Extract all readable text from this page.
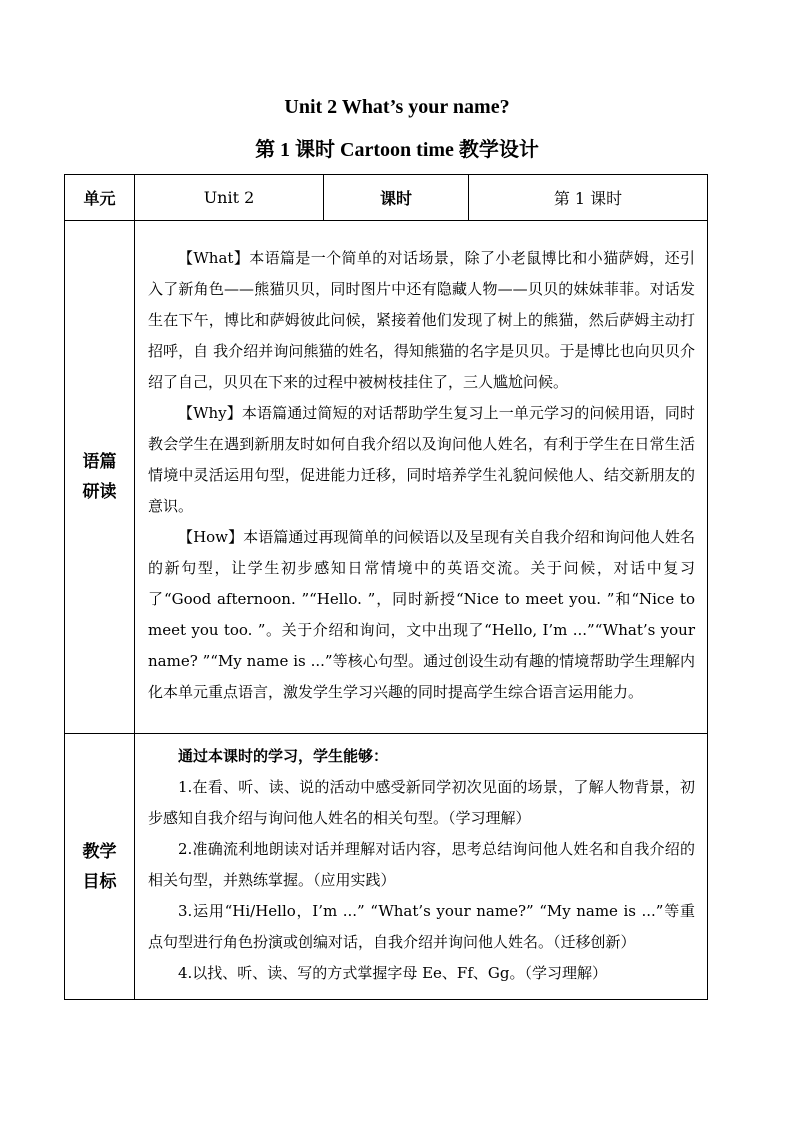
Unit 2 What’s your name?
第 1 课时 Cartoon time 教学设计
单元	Unit 2	课时	第 1 课时

语篇研读	【What】本语篇是一个简单的对话场景，除了小老鼠博比和小猫萨姆，还引入了新角色——熊猫贝贝，同时图片中还有隐藏人物——贝贝的妹妹菲菲。对话发生在下午，博比和萨姆彼此问候，紧接着他们发现了树上的熊猫，然后萨姆主动打招呼，自 我介绍并询问熊猫的姓名，得知熊猫的名字是贝贝。于是博比也向贝贝介绍了自己，贝贝在下来的过程中被树枝挂住了，三人尴尬问候。

【Why】本语篇通过简短的对话帮助学生复习上一单元学习的问候用语，同时教会学生在遇到新朋友时如何自我介绍以及询问他人姓名，有利于学生在日常生活情境中灵活运用句型，促进能力迁移，同时培养学生礼貌问候他人、结交新朋友的意识。

【How】本语篇通过再现简单的问候语以及呈现有关自我介绍和询问他人姓名的新句型，让学生初步感知日常情境中的英语交流。关于问候，对话中复习了“Good afternoon. ”“Hello. ”，同时新授“Nice to meet you. ”和“Nice to meet you too. ”。关于介绍和询问，文中出现了“Hello, I’m ...”“What’s your name? ”“My name is ...”等核心句型。通过创设生动有趣的情境帮助学生理解内化本单元重点语言，激发学生学习兴趣的同时提高学生综合语言运用能力。		

教学目标	通过本课时的学习，学生能够：

1.在看、听、读、说的活动中感受新同学初次见面的场景，了解人物背景，初步感知自我介绍与询问他人姓名的相关句型。（学习理解）

2.准确流利地朗读对话并理解对话内容，思考总结询问他人姓名和自我介绍的相关句型，并熟练掌握。（应用实践）

3.运用“Hi/Hello，I’m ...” “What’s your name?” “My name is ...”等重点句型进行角色扮演或创编对话，自我介绍并询问他人姓名。（迁移创新）

4.以找、听、读、写的方式掌握字母 Ee、Ff、Gg。（学习理解）		
